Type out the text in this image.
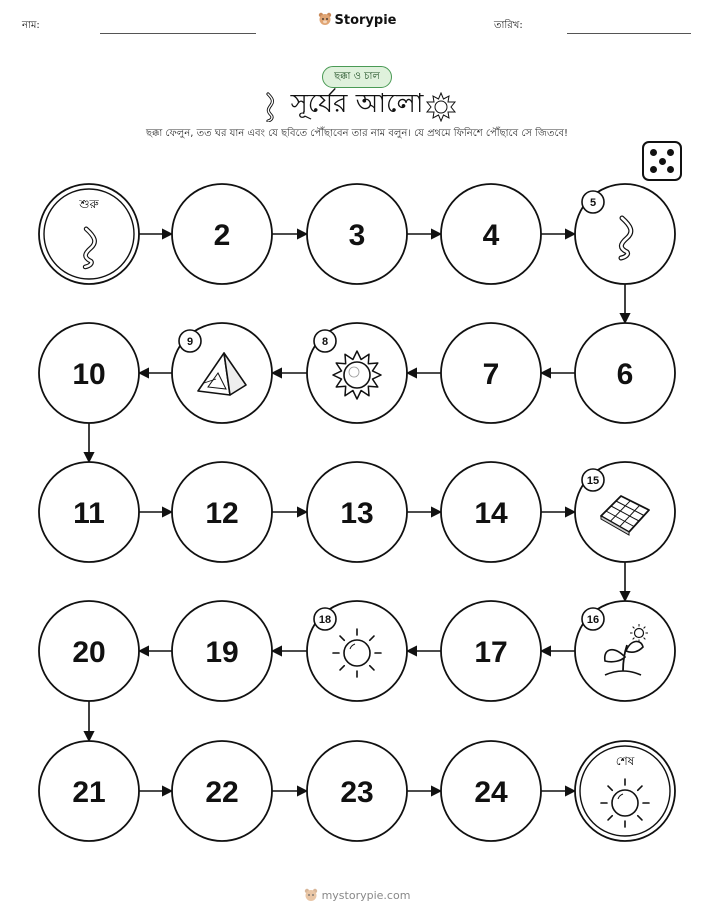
নাম:	Storypie	তারিখ:
ছক্কা ও চাল
সূর্যের আলো
ছক্কা ফেলুন, তত ঘর যান এবং যে ছবিতে পৌঁছাবেন তার নাম বলুন। যে প্রথমে ফিনিশে পৌঁছাবে সে জিতবে!
শুরু
2	3	4
5
10
9	8
7	6
11	12	13	14
15
20	19
18
17
16
21	22	23	24
শেষ
mystorypie.com
